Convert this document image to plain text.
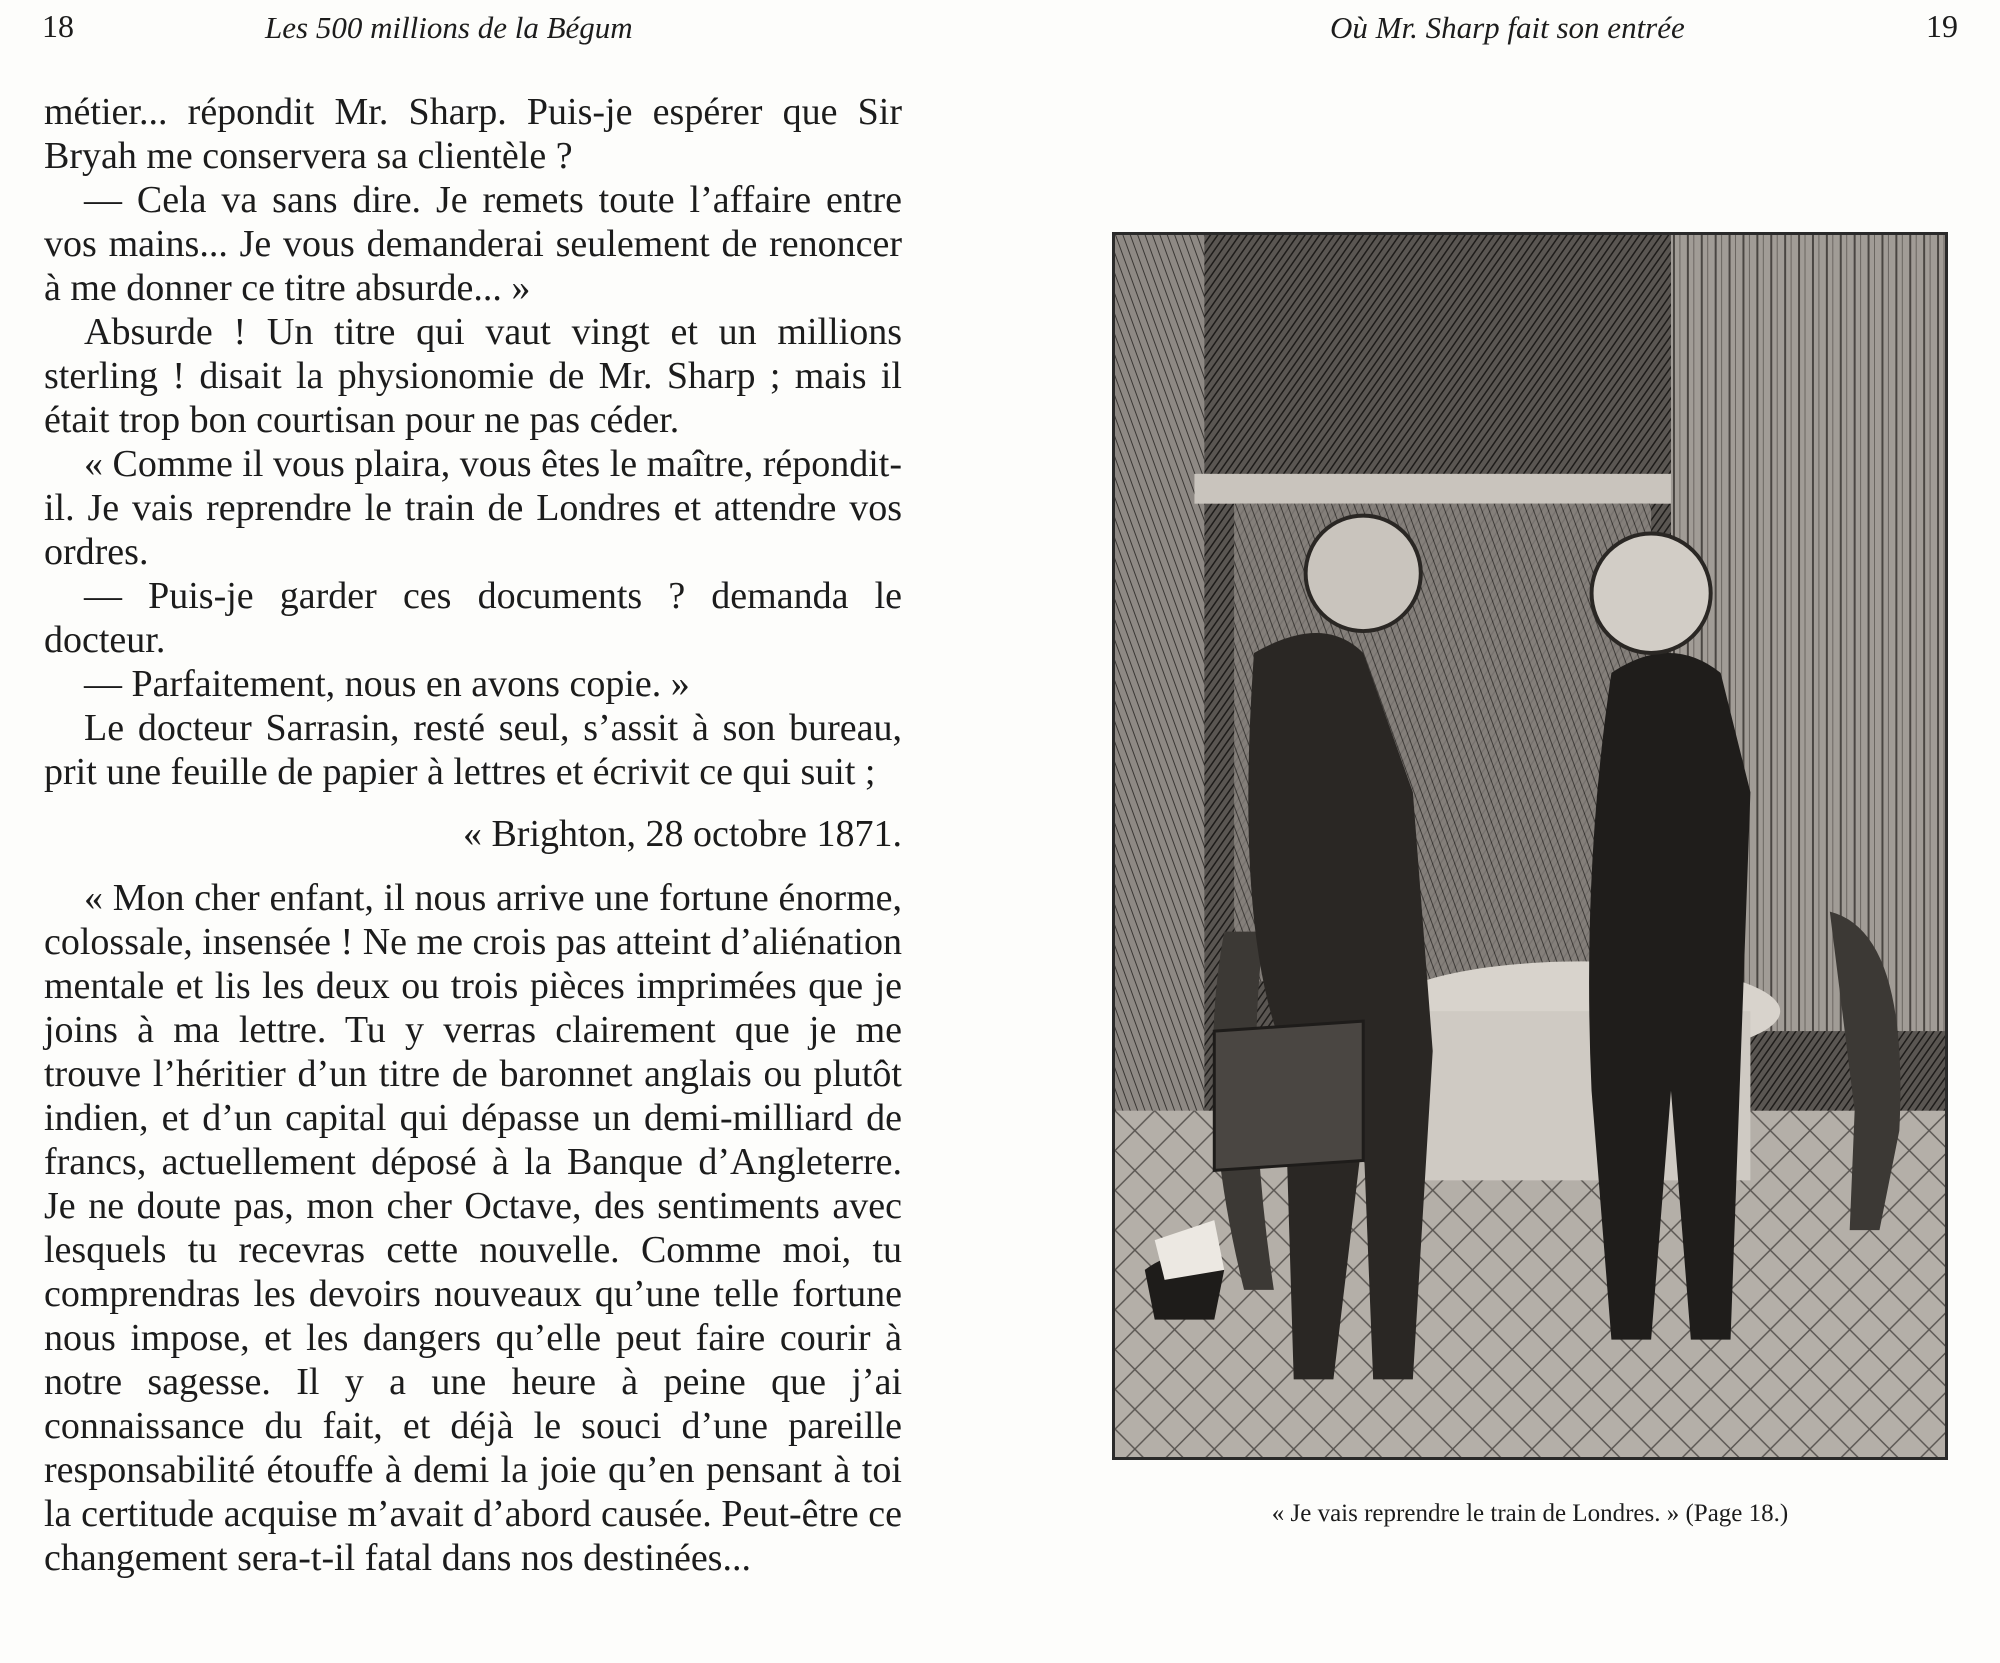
18	Les 500 millions de la Bégum

métier... répondit Mr. Sharp. Puis-je espérer que Sir Bryah me conservera sa clientèle ?

— Cela va sans dire. Je remets toute l’affaire entre vos mains... Je vous demanderai seulement de renoncer à me donner ce titre absurde... »

Absurde ! Un titre qui vaut vingt et un millions sterling ! disait la physionomie de Mr. Sharp ; mais il était trop bon courtisan pour ne pas céder.

« Comme il vous plaira, vous êtes le maître, répondit-il. Je vais reprendre le train de Londres et attendre vos ordres.

— Puis-je garder ces documents ? demanda le docteur.

— Parfaitement, nous en avons copie. »

Le docteur Sarrasin, resté seul, s’assit à son bureau, prit une feuille de papier à lettres et écrivit ce qui suit ;

« Brighton, 28 octobre 1871.

« Mon cher enfant, il nous arrive une fortune énorme, colossale, insensée ! Ne me crois pas atteint d’aliénation mentale et lis les deux ou trois pièces imprimées que je joins à ma lettre. Tu y verras clairement que je me trouve l’héritier d’un titre de baronnet anglais ou plutôt indien, et d’un capital qui dépasse un demi-milliard de francs, actuellement déposé à la Banque d’Angleterre. Je ne doute pas, mon cher Octave, des sentiments avec lesquels tu recevras cette nouvelle. Comme moi, tu comprendras les devoirs nouveaux qu’une telle fortune nous impose, et les dangers qu’elle peut faire courir à notre sagesse. Il y a une heure à peine que j’ai connaissance du fait, et déjà le souci d’une pareille responsabilité étouffe à demi la joie qu’en pensant à toi la certitude acquise m’avait d’abord causée. Peut-être ce changement sera-t-il fatal dans nos destinées...

Où Mr. Sharp fait son entrée	19
« Je vais reprendre le train de Londres. » (Page 18.)
